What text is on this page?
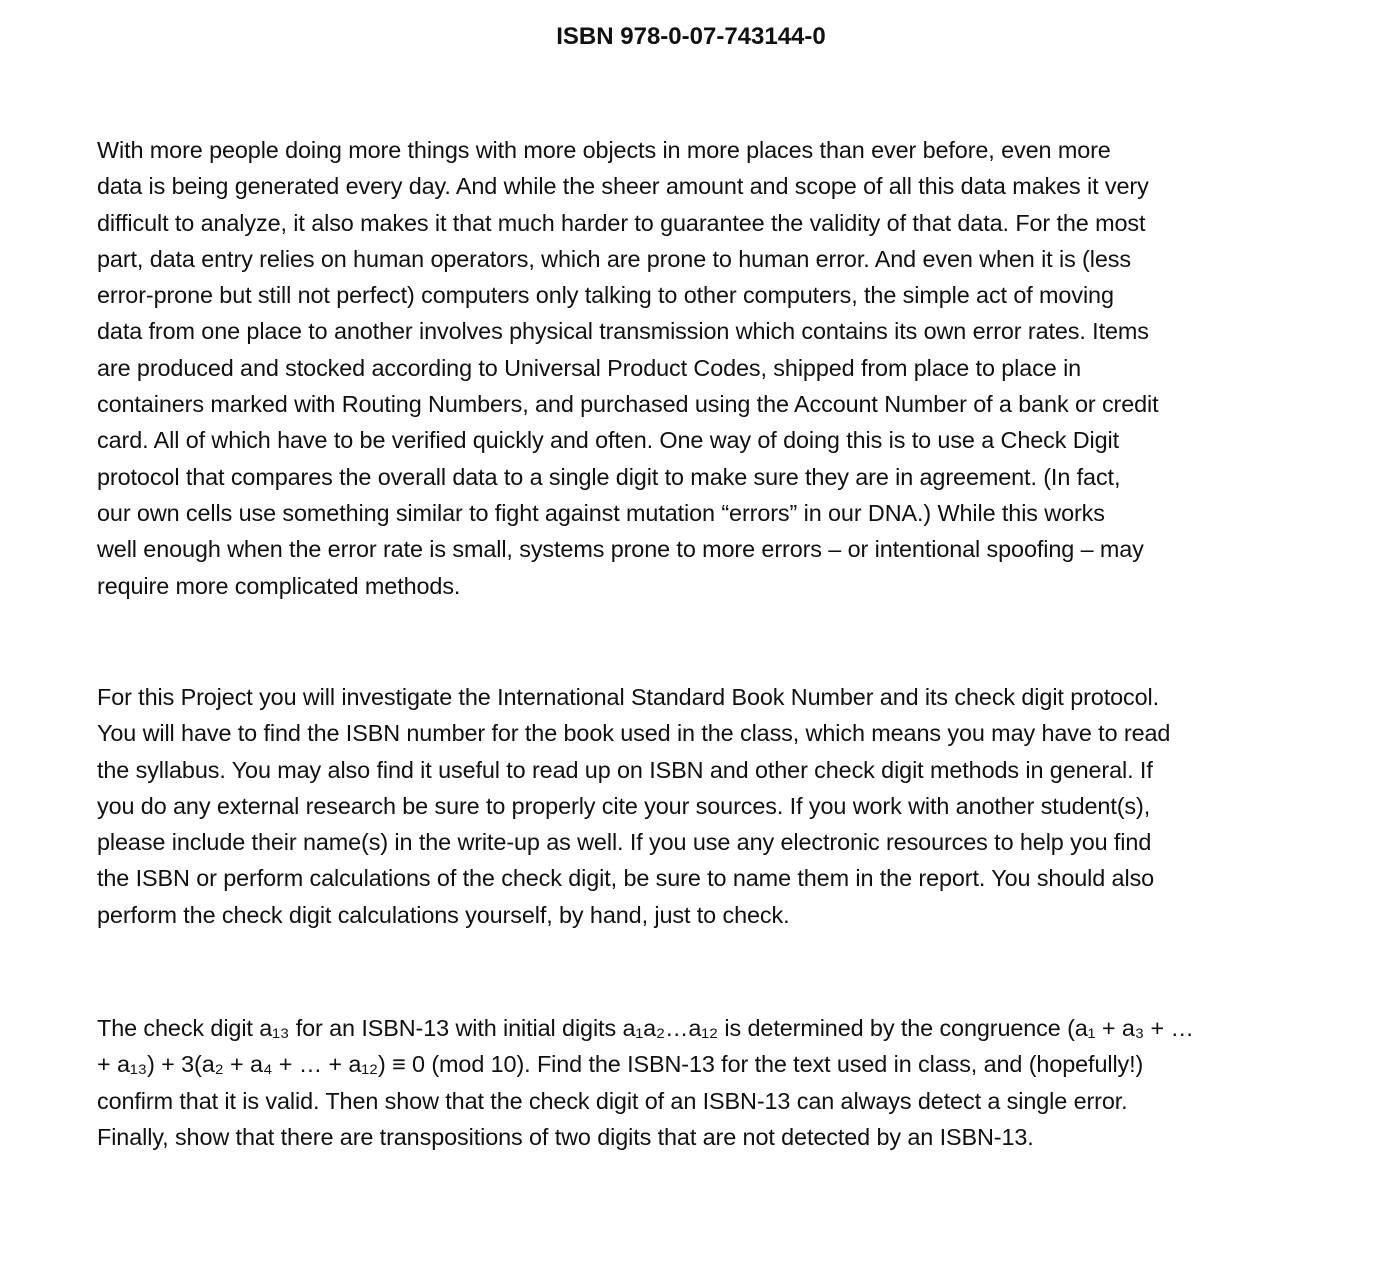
ISBN 978-0-07-743144-0
With more people doing more things with more objects in more places than ever before, even more
data is being generated every day. And while the sheer amount and scope of all this data makes it very
difficult to analyze, it also makes it that much harder to guarantee the validity of that data. For the most
part, data entry relies on human operators, which are prone to human error. And even when it is (less
error-prone but still not perfect) computers only talking to other computers, the simple act of moving
data from one place to another involves physical transmission which contains its own error rates. Items
are produced and stocked according to Universal Product Codes, shipped from place to place in
containers marked with Routing Numbers, and purchased using the Account Number of a bank or credit
card. All of which have to be verified quickly and often. One way of doing this is to use a Check Digit
protocol that compares the overall data to a single digit to make sure they are in agreement. (In fact,
our own cells use something similar to fight against mutation “errors” in our DNA.) While this works
well enough when the error rate is small, systems prone to more errors – or intentional spoofing – may
require more complicated methods.
For this Project you will investigate the International Standard Book Number and its check digit protocol.
You will have to find the ISBN number for the book used in the class, which means you may have to read
the syllabus. You may also find it useful to read up on ISBN and other check digit methods in general. If
you do any external research be sure to properly cite your sources. If you work with another student(s),
please include their name(s) in the write-up as well. If you use any electronic resources to help you find
the ISBN or perform calculations of the check digit, be sure to name them in the report. You should also
perform the check digit calculations yourself, by hand, just to check.
The check digit a₁₃ for an ISBN-13 with initial digits a₁a₂…a₁₂ is determined by the congruence (a₁ + a₃ + …
+ a₁₃) + 3(a₂ + a₄ + … + a₁₂) ≡ 0 (mod 10). Find the ISBN-13 for the text used in class, and (hopefully!)
confirm that it is valid. Then show that the check digit of an ISBN-13 can always detect a single error.
Finally, show that there are transpositions of two digits that are not detected by an ISBN-13.
